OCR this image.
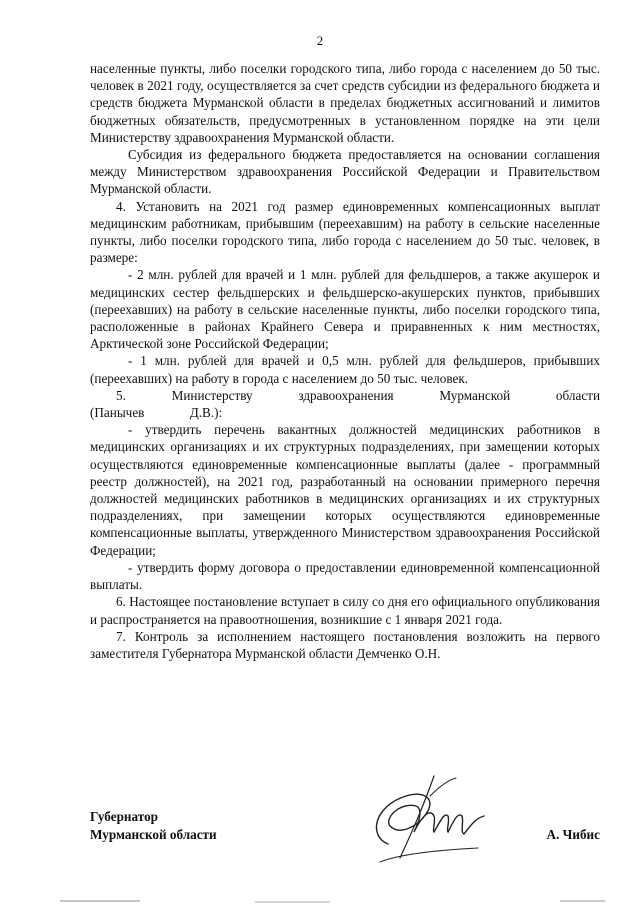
2

населенные пункты, либо поселки городского типа, либо города с населением до 50 тыс. человек в 2021 году, осуществляется за счет средств субсидии из федерального бюджета и средств бюджета Мурманской области в пределах бюджетных ассигнований и лимитов бюджетных обязательств, предусмотренных в установленном порядке на эти цели Министерству здравоохранения Мурманской области.

Субсидия из федерального бюджета предоставляется на основании соглашения между Министерством здравоохранения Российской Федерации и Правительством Мурманской области.

4. Установить на 2021 год размер единовременных компенсационных выплат медицинским работникам, прибывшим (переехавшим) на работу в сельские населенные пункты, либо поселки городского типа, либо города с населением до 50 тыс. человек, в размере:

- 2 млн. рублей для врачей и 1 млн. рублей для фельдшеров, а также акушерок и медицинских сестер фельдшерских и фельдшерско-акушерских пунктов, прибывших (переехавших) на работу в сельские населенные пункты, либо поселки городского типа, расположенные в районах Крайнего Севера и приравненных к ним местностях, Арктической зоне Российской Федерации;

- 1 млн. рублей для врачей и 0,5 млн. рублей для фельдшеров, прибывших (переехавших) на работу в города с населением до 50 тыс. человек.

5. Министерству здравоохранения Мурманской области (Панычев Д.В.):

- утвердить перечень вакантных должностей медицинских работников в медицинских организациях и их структурных подразделениях, при замещении которых осуществляются единовременные компенсационные выплаты (далее - программный реестр должностей), на 2021 год, разработанный на основании примерного перечня должностей медицинских работников в медицинских организациях и их структурных подразделениях, при замещении которых осуществляются единовременные компенсационные выплаты, утвержденного Министерством здравоохранения Российской Федерации;

- утвердить форму договора о предоставлении единовременной компенсационной выплаты.

6. Настоящее постановление вступает в силу со дня его официального опубликования и распространяется на правоотношения, возникшие с 1 января 2021 года.

7. Контроль за исполнением настоящего постановления возложить на первого заместителя Губернатора Мурманской области Демченко О.Н.

Губернатор
Мурманской области	А. Чибис
